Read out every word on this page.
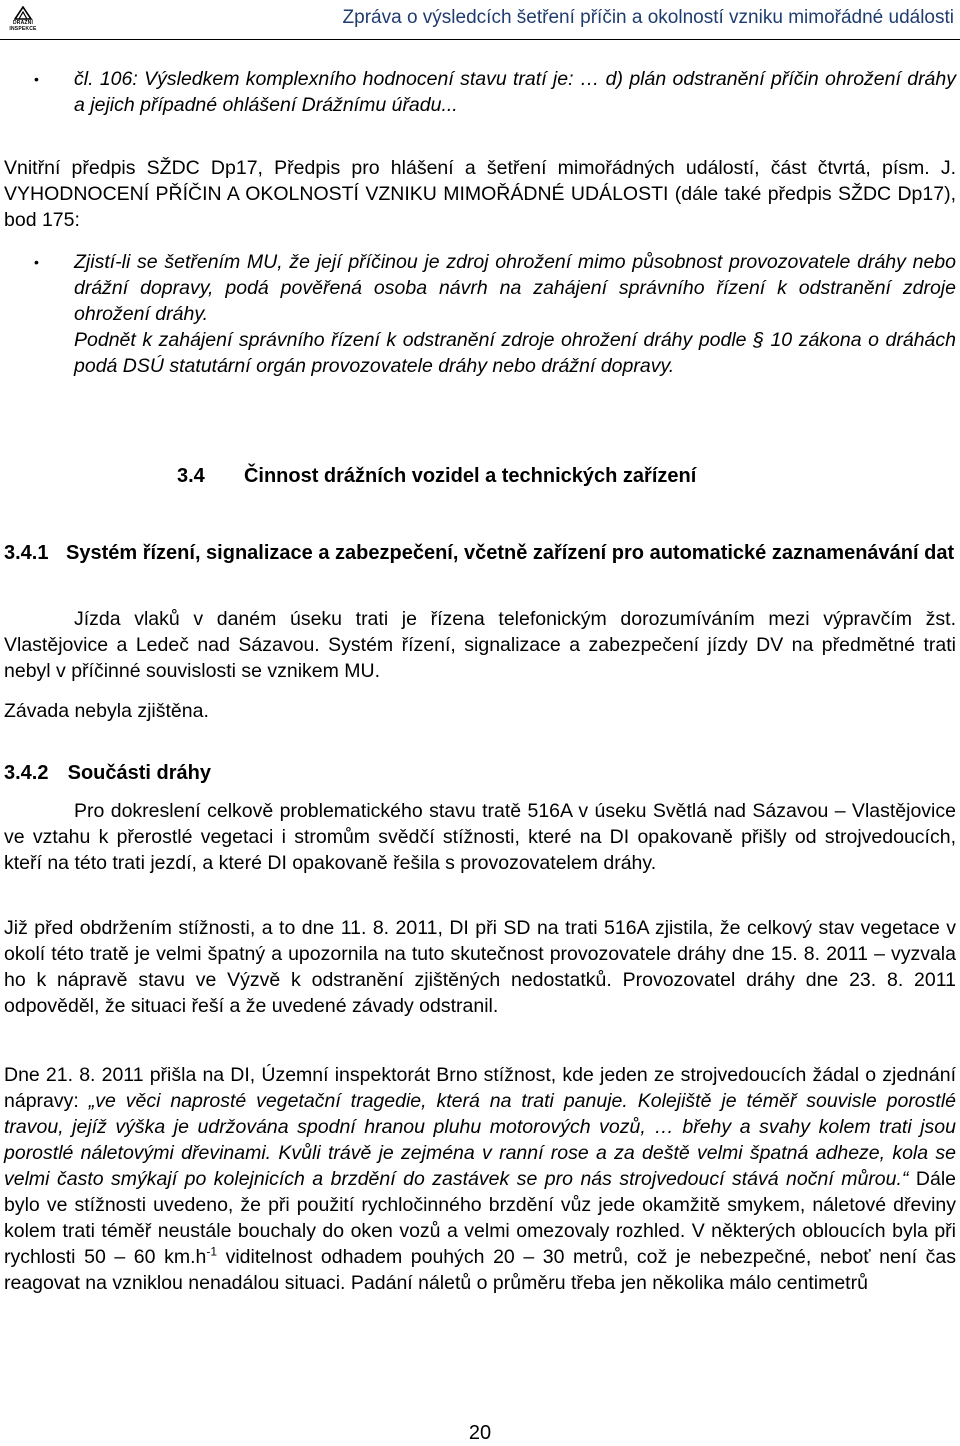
DRÁŽNÍ INSPEKCE
Zpráva o výsledcích šetření příčin a okolností vzniku mimořádné události
• čl. 106: Výsledkem komplexního hodnocení stavu tratí je: … d) plán odstranění příčin ohrožení dráhy a jejich případné ohlášení Drážnímu úřadu...

Vnitřní předpis SŽDC Dp17, Předpis pro hlášení a šetření mimořádných událostí, část čtvrtá, písm. J. VYHODNOCENÍ PŘÍČIN A OKOLNOSTÍ VZNIKU MIMOŘÁDNÉ UDÁLOSTI (dále také předpis SŽDC Dp17), bod 175:

• Zjistí-li se šetřením MU, že její příčinou je zdroj ohrožení mimo působnost provozovatele dráhy nebo drážní dopravy, podá pověřená osoba návrh na zahájení správního řízení k odstranění zdroje ohrožení dráhy.

Podnět k zahájení správního řízení k odstranění zdroje ohrožení dráhy podle § 10 zákona o dráhách podá DSÚ statutární orgán provozovatele dráhy nebo drážní dopravy.

3.4 Činnost drážních vozidel a technických zařízení
3.4.1 Systém řízení, signalizace a zabezpečení, včetně zařízení pro automatické zaznamenávání dat

Jízda vlaků v daném úseku trati je řízena telefonickým dorozumíváním mezi výpravčím žst. Vlastějovice a Ledeč nad Sázavou. Systém řízení, signalizace a zabezpečení jízdy DV na předmětné trati nebyl v příčinné souvislosti se vznikem MU.

Závada nebyla zjištěna.

3.4.2 Součásti dráhy

Pro dokreslení celkově problematického stavu tratě 516A v úseku Světlá nad Sázavou – Vlastějovice ve vztahu k přerostlé vegetaci i stromům svědčí stížnosti, které na DI opakovaně přišly od strojvedoucích, kteří na této trati jezdí, a které DI opakovaně řešila s provozovatelem dráhy.

Již před obdržením stížnosti, a to dne 11. 8. 2011, DI při SD na trati 516A zjistila, že celkový stav vegetace v okolí této tratě je velmi špatný a upozornila na tuto skutečnost provozovatele dráhy dne 15. 8. 2011 – vyzvala ho k nápravě stavu ve Výzvě k odstranění zjištěných nedostatků. Provozovatel dráhy dne 23. 8. 2011 odpověděl, že situaci řeší a že uvedené závady odstranil.

Dne 21. 8. 2011 přišla na DI, Územní inspektorát Brno stížnost, kde jeden ze strojvedoucích žádal o zjednání nápravy: „ve věci naprosté vegetační tragedie, která na trati panuje. Kolejiště je téměř souvisle porostlé travou, jejíž výška je udržována spodní hranou pluhu motorových vozů, … břehy a svahy kolem trati jsou porostlé náletovými dřevinami. Kvůli trávě je zejména v ranní rose a za deště velmi špatná adheze, kola se velmi často smýkají po kolejnicích a brzdění do zastávek se pro nás strojvedoucí stává noční můrou.“ Dále bylo ve stížnosti uvedeno, že při použití rychločinného brzdění vůz jede okamžitě smykem, náletové dřeviny kolem trati téměř neustále bouchaly do oken vozů a velmi omezovaly rozhled. V některých obloucích byla při rychlosti 50 – 60 $km.h^{-1}$ viditelnost odhadem pouhých 20 – 30 metrů, což je nebezpečné, neboť není čas reagovat na vzniklou nenadálou situaci. Padání náletů o průměru třeba jen několika málo centimetrů

20
